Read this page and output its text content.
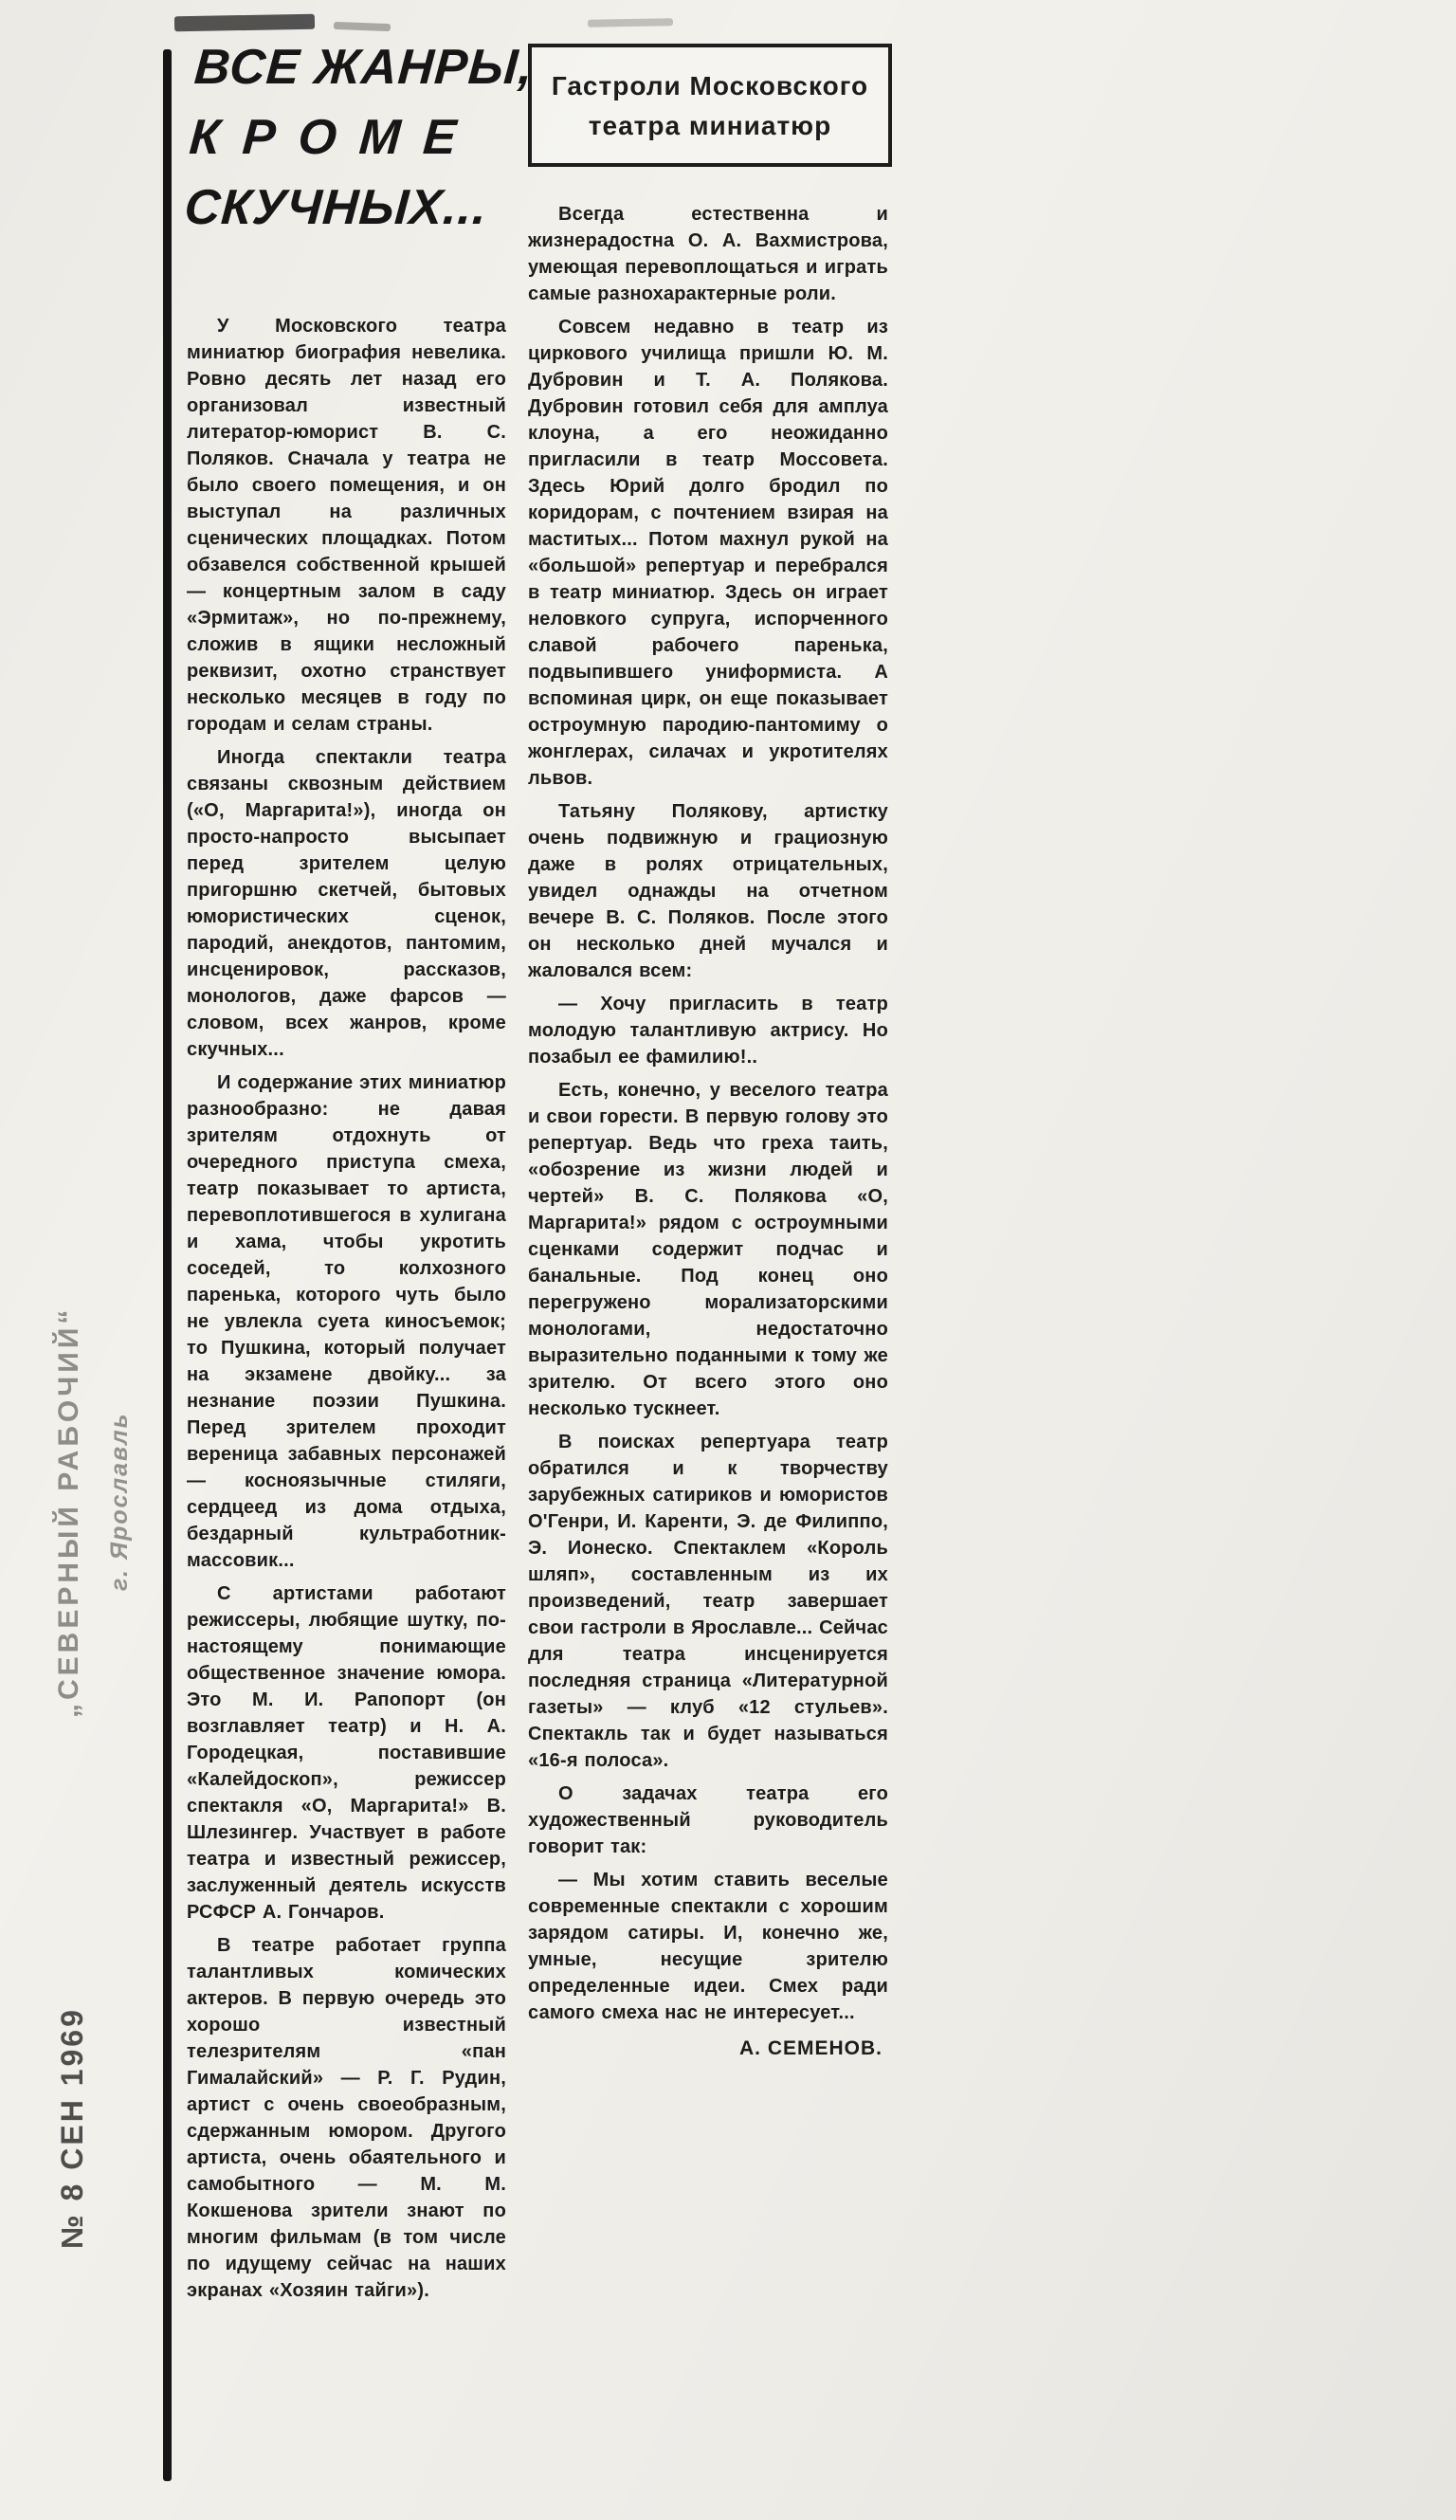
„СЕВЕРНЫЙ РАБОЧИЙ“ г. Ярославль
№ 8 СЕН 1969
ВСЕ ЖАНРЫ,
КРОМЕ
СКУЧНЫХ...
Гастроли Московского
театра миниатюр

У Московского театра миниатюр биография невелика. Ровно десять лет назад его организовал известный литератор-юморист В. С. Поляков. Сначала у театра не было своего помещения, и он выступал на различных сценических площадках. Потом обзавелся собственной крышей — концертным залом в саду «Эрмитаж», но по-прежнему, сложив в ящики несложный реквизит, охотно странствует несколько месяцев в году по городам и селам страны.

Иногда спектакли театра связаны сквозным действием («О, Маргарита!»), иногда он просто-напросто высыпает перед зрителем целую пригоршню скетчей, бытовых юмористических сценок, пародий, анекдотов, пантомим, инсценировок, рассказов, монологов, даже фарсов — словом, всех жанров, кроме скучных...

И содержание этих миниатюр разнообразно: не давая зрителям отдохнуть от очередного приступа смеха, театр показывает то артиста, перевоплотившегося в хулигана и хама, чтобы укротить соседей, то колхозного паренька, которого чуть было не увлекла суета киносъемок; то Пушкина, который получает на экзамене двойку... за незнание поэзии Пушкина. Перед зрителем проходит вереница забавных персонажей — косноязычные стиляги, сердцеед из дома отдыха, бездарный культработник-массовик...

С артистами работают режиссеры, любящие шутку, по-настоящему понимающие общественное значение юмора. Это М. И. Рапопорт (он возглавляет театр) и Н. А. Городецкая, поставившие «Калейдоскоп», режиссер спектакля «О, Маргарита!» В. Шлезингер. Участвует в работе театра и известный режиссер, заслуженный деятель искусств РСФСР А. Гончаров.

В театре работает группа талантливых комических актеров. В первую очередь это хорошо известный телезрителям «пан Гималайский» — Р. Г. Рудин, артист с очень своеобразным, сдержанным юмором. Другого артиста, очень обаятельного и самобытного — М. М. Кокшенова зрители знают по многим фильмам (в том числе по идущему сейчас на наших экранах «Хозяин тайги»).

Всегда естественна и жизнерадостна О. А. Вахмистрова, умеющая перевоплощаться и играть самые разнохарактерные роли.

Совсем недавно в театр из циркового училища пришли Ю. М. Дубровин и Т. А. Полякова. Дубровин готовил себя для амплуа клоуна, а его неожиданно пригласили в театр Моссовета. Здесь Юрий долго бродил по коридорам, с почтением взирая на маститых... Потом махнул рукой на «большой» репертуар и перебрался в театр миниатюр. Здесь он играет неловкого супруга, испорченного славой рабочего паренька, подвыпившего униформиста. А вспоминая цирк, он еще показывает остроумную пародию-пантомиму о жонглерах, силачах и укротителях львов.

Татьяну Полякову, артистку очень подвижную и грациозную даже в ролях отрицательных, увидел однажды на отчетном вечере В. С. Поляков. После этого он несколько дней мучался и жаловался всем:

— Хочу пригласить в театр молодую талантливую актрису. Но позабыл ее фамилию!..

Есть, конечно, у веселого театра и свои горести. В первую голову это репертуар. Ведь что греха таить, «обозрение из жизни людей и чертей» В. С. Полякова «О, Маргарита!» рядом с остроумными сценками содержит подчас и банальные. Под конец оно перегружено морализаторскими монологами, недостаточно выразительно поданными к тому же зрителю. От всего этого оно несколько тускнеет.

В поисках репертуара театр обратился и к творчеству зарубежных сатириков и юмористов О'Генри, И. Каренти, Э. де Филиппо, Э. Ионеско. Спектаклем «Король шляп», составленным из их произведений, театр завершает свои гастроли в Ярославле... Сейчас для театра инсценируется последняя страница «Литературной газеты» — клуб «12 стульев». Спектакль так и будет называться «16-я полоса».

О задачах театра его художественный руководитель говорит так:

— Мы хотим ставить веселые современные спектакли с хорошим зарядом сатиры. И, конечно же, умные, несущие зрителю определенные идеи. Смех ради самого смеха нас не интересует...

А. СЕМЕНОВ.
